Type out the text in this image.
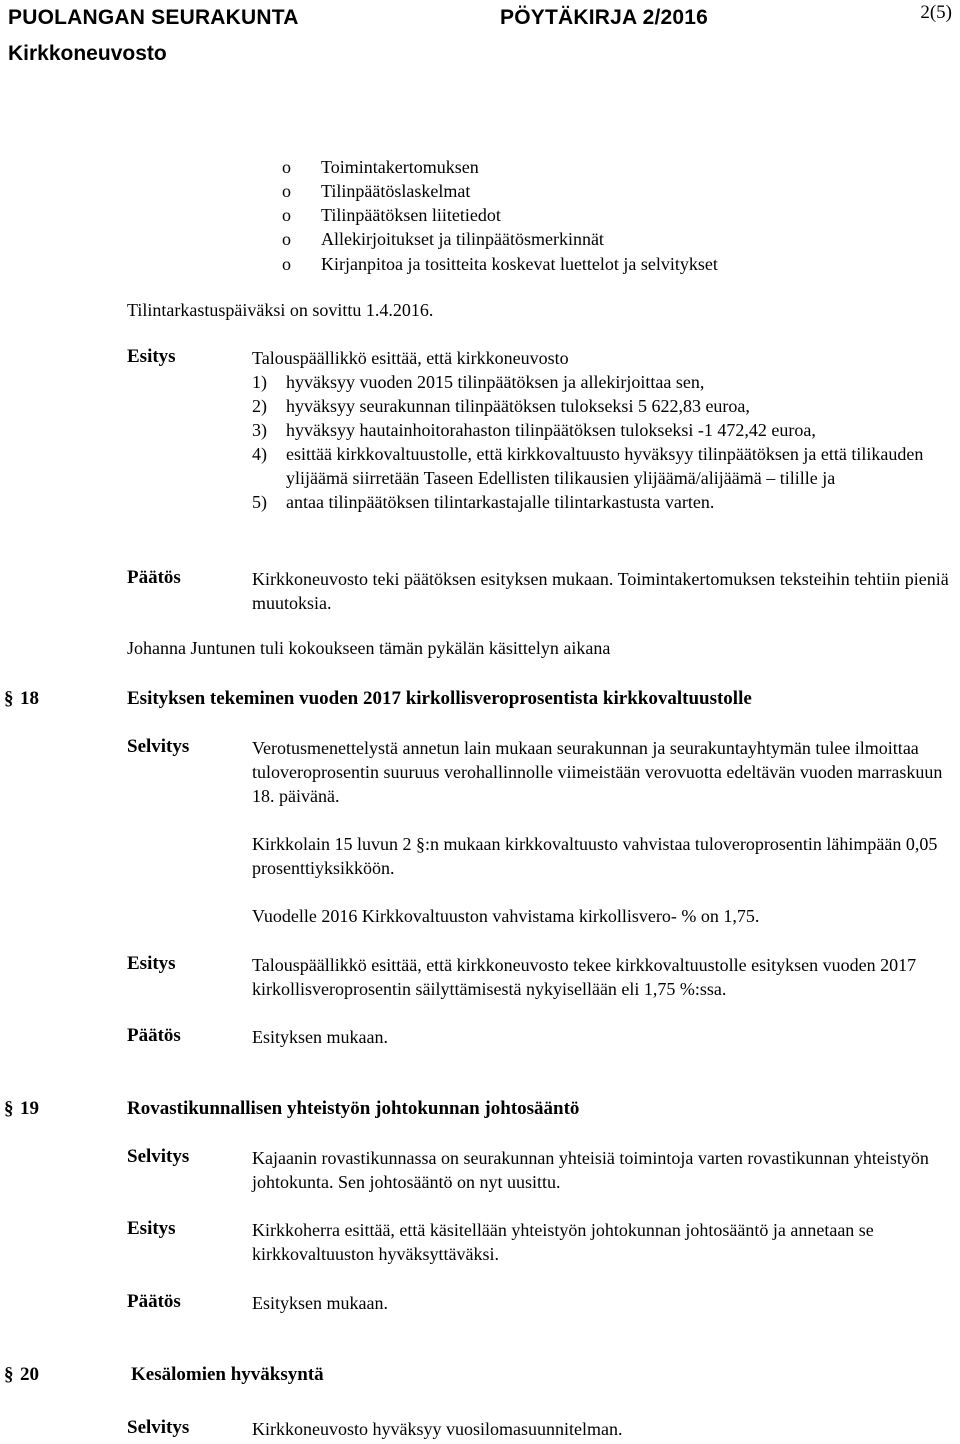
PUOLANGAN SEURAKUNTA	PÖYTÄKIRJA 2/2016
Kirkkoneuvosto
2(5)
o Toimintakertomuksen
o Tilinpäätöslaskelmat
o Tilinpäätöksen liitetiedot
o Allekirjoitukset ja tilinpäätösmerkinnät
o Kirjanpitoa ja tositteita koskevat luettelot ja selvitykset
Tilintarkastuspäiväksi on sovittu 1.4.2016.
Esitys	Talouspäällikkö esittää, että kirkkoneuvosto

1) hyväksyy vuoden 2015 tilinpäätöksen ja allekirjoittaa sen,
2) hyväksyy seurakunnan tilinpäätöksen tulokseksi 5 622,83 euroa,
3) hyväksyy hautainhoitorahaston tilinpäätöksen tulokseksi -1 472,42 euroa,
4) esittää kirkkovaltuustolle, että kirkkovaltuusto hyväksyy tilinpäätöksen ja että tilikauden ylijäämä siirretään Taseen Edellisten tilikausien ylijäämä/alijäämä – tilille ja
5) antaa tilinpäätöksen tilintarkastajalle tilintarkastusta varten.
Päätös	Kirkkoneuvosto teki päätöksen esityksen mukaan. Toimintakertomuksen teksteihin tehtiin pieniä muutoksia.
Johanna Juntunen tuli kokoukseen tämän pykälän käsittelyn aikana
§ 18	Esityksen tekeminen vuoden 2017 kirkollisveroprosentista kirkkovaltuustolle
Selvitys	Verotusmenettelystä annetun lain mukaan seurakunnan ja seurakuntayhtymän tulee ilmoittaa tuloveroprosentin suuruus verohallinnolle viimeistään verovuotta edeltävän vuoden marraskuun 18. päivänä.

Kirkkolain 15 luvun 2 §:n mukaan kirkkovaltuusto vahvistaa tuloveroprosentin lähimpään 0,05 prosenttiyksikköön.

Vuodelle 2016 Kirkkovaltuuston vahvistama kirkollisvero- % on 1,75.

Esitys	Talouspäällikkö esittää, että kirkkoneuvosto tekee kirkkovaltuustolle esityksen vuoden 2017 kirkollisveroprosentin säilyttämisestä nykyisellään eli 1,75 %:ssa.
Päätös	Esityksen mukaan.
§ 19	Rovastikunnallisen yhteistyön johtokunnan johtosääntö
Selvitys	Kajaanin rovastikunnassa on seurakunnan yhteisiä toimintoja varten rovastikunnan yhteistyön johtokunta. Sen johtosääntö on nyt uusittu.
Esitys	Kirkkoherra esittää, että käsitellään yhteistyön johtokunnan johtosääntö ja annetaan se kirkkovaltuuston hyväksyttäväksi.
Päätös	Esityksen mukaan.
§ 20	Kesälomien hyväksyntä
Selvitys	Kirkkoneuvosto hyväksyy vuosilomasuunnitelman.
